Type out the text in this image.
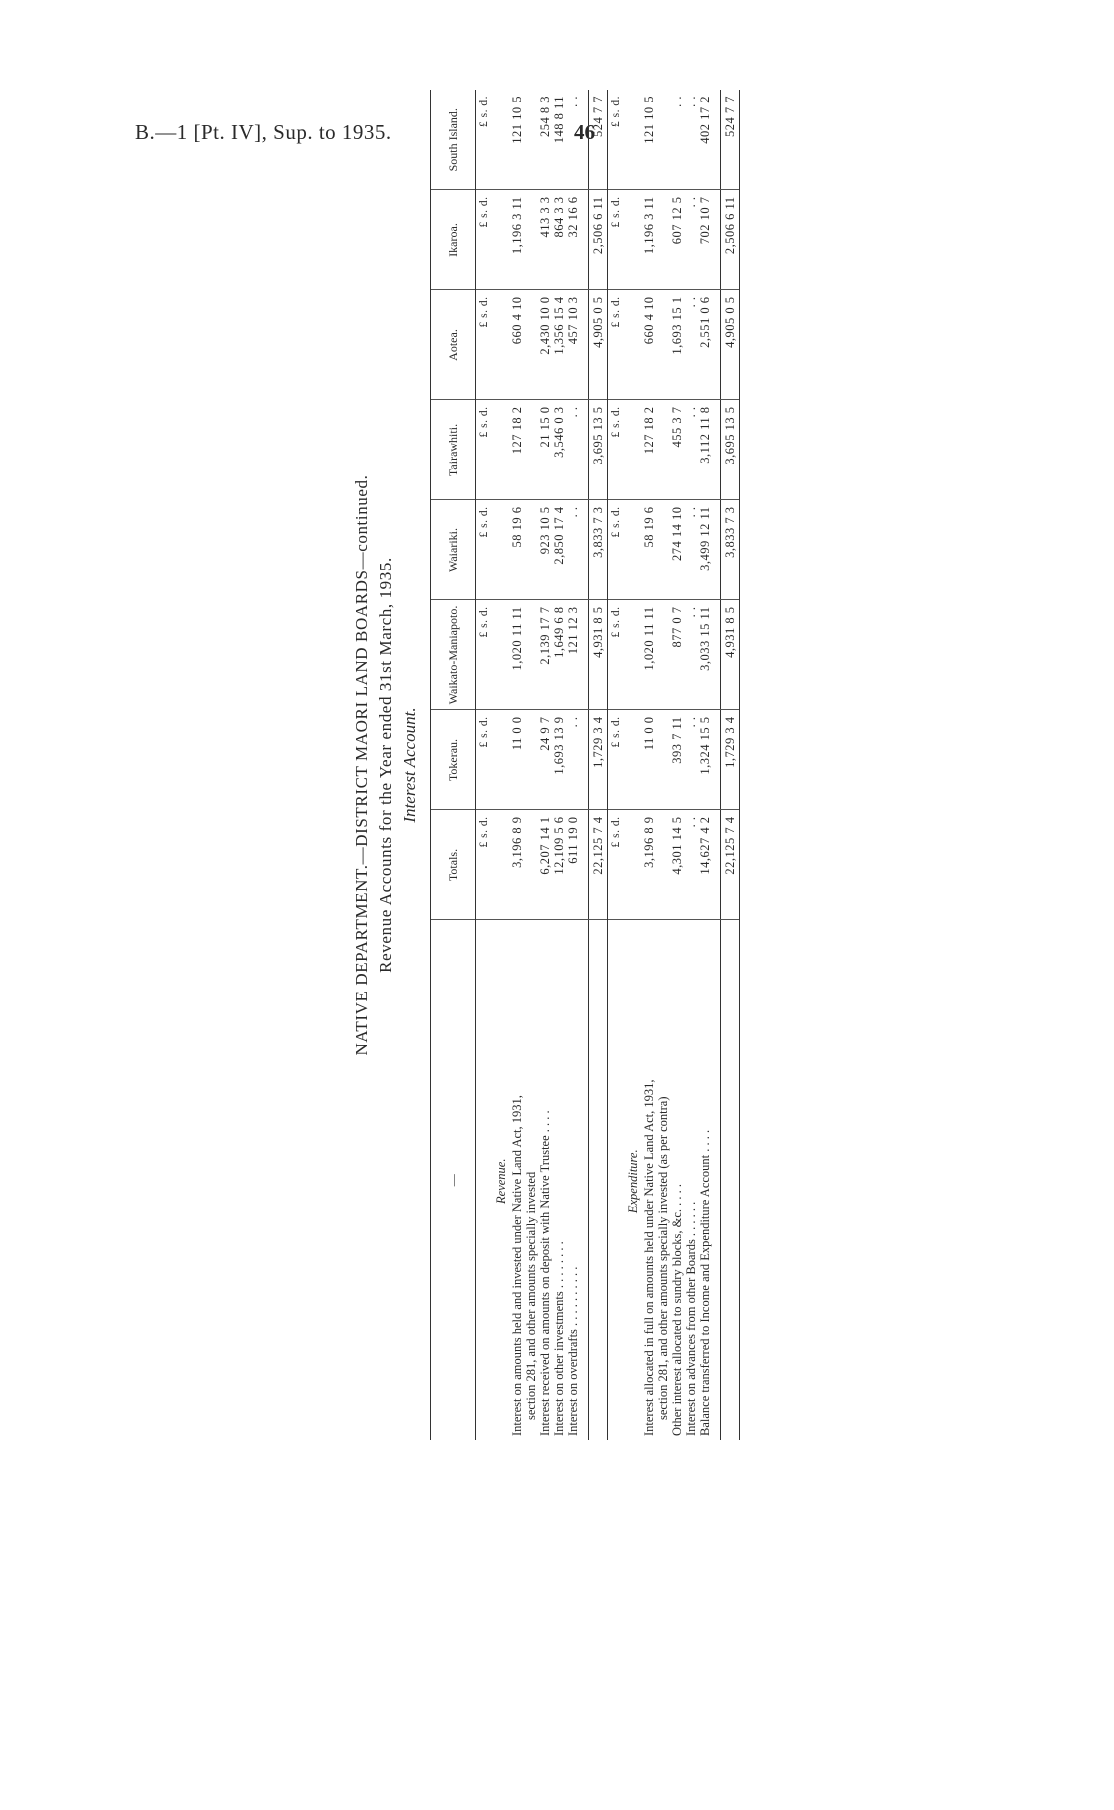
B.—1 [Pt. IV], Sup. to 1935.	46
NATIVE DEPARTMENT.—DISTRICT MAORI LAND BOARDS—continued. Revenue Accounts for the Year ended 31st March, 1935. Interest Account.
—	Totals.	Tokerau.	Waikato-Maniapoto.	Waiariki.	Tairawhiti.	Aotea.	Ikaroa.	South Island.
	£ s. d.	£ s. d.	£ s. d.	£ s. d.	£ s. d.	£ s. d.	£ s. d.	£ s. d.
Revenue.								
Interest on amounts held and invested under Native Land Act, 1931,	3,196 8 9	11 0 0	1,020 11 11	58 19 6	127 18 2	660 4 10	1,196 3 11	121 10 5
section 281, and other amounts specially invested								
Interest received on amounts on deposit with Native Trustee . . . .	6,207 14 1	24 9 7	2,139 17 7	923 10 5	21 15 0	2,430 10 0	413 3 3	254 8 3
Interest on other investments . . . . . . . .	12,109 5 6	1,693 13 9	1,649 6 8	2,850 17 4	3,546 0 3	1,356 15 4	864 3 3	148 8 11
Interest on overdrafts . . . . . . . . . .	611 19 0	. .	121 12 3	. .	. .	457 10 3	32 16 6	. .

	22,125 7 4	1,729 3 4	4,931 8 5	3,833 7 3	3,695 13 5	4,905 0 5	2,506 6 11	524 7 7

	£ s. d.	£ s. d.	£ s. d.	£ s. d.	£ s. d.	£ s. d.	£ s. d.	£ s. d.
Expenditure.								
Interest allocated in full on amounts held under Native Land Act, 1931,	3,196 8 9	11 0 0	1,020 11 11	58 19 6	127 18 2	660 4 10	1,196 3 11	121 10 5
section 281, and other amounts specially invested (as per contra)								
Other interest allocated to sundry blocks, &c. . . . .	4,301 14 5	393 7 11	877 0 7	274 14 10	455 3 7	1,693 15 1	607 12 5	. .
Interest on advances from other Boards . . . . . .	. .	. .	. .	. .	. .	. .	. .	. .
Balance transferred to Income and Expenditure Account . . . .	14,627 4 2	1,324 15 5	3,033 15 11	3,499 12 11	3,112 11 8	2,551 0 6	702 10 7	402 17 2

	22,125 7 4	1,729 3 4	4,931 8 5	3,833 7 3	3,695 13 5	4,905 0 5	2,506 6 11	524 7 7
